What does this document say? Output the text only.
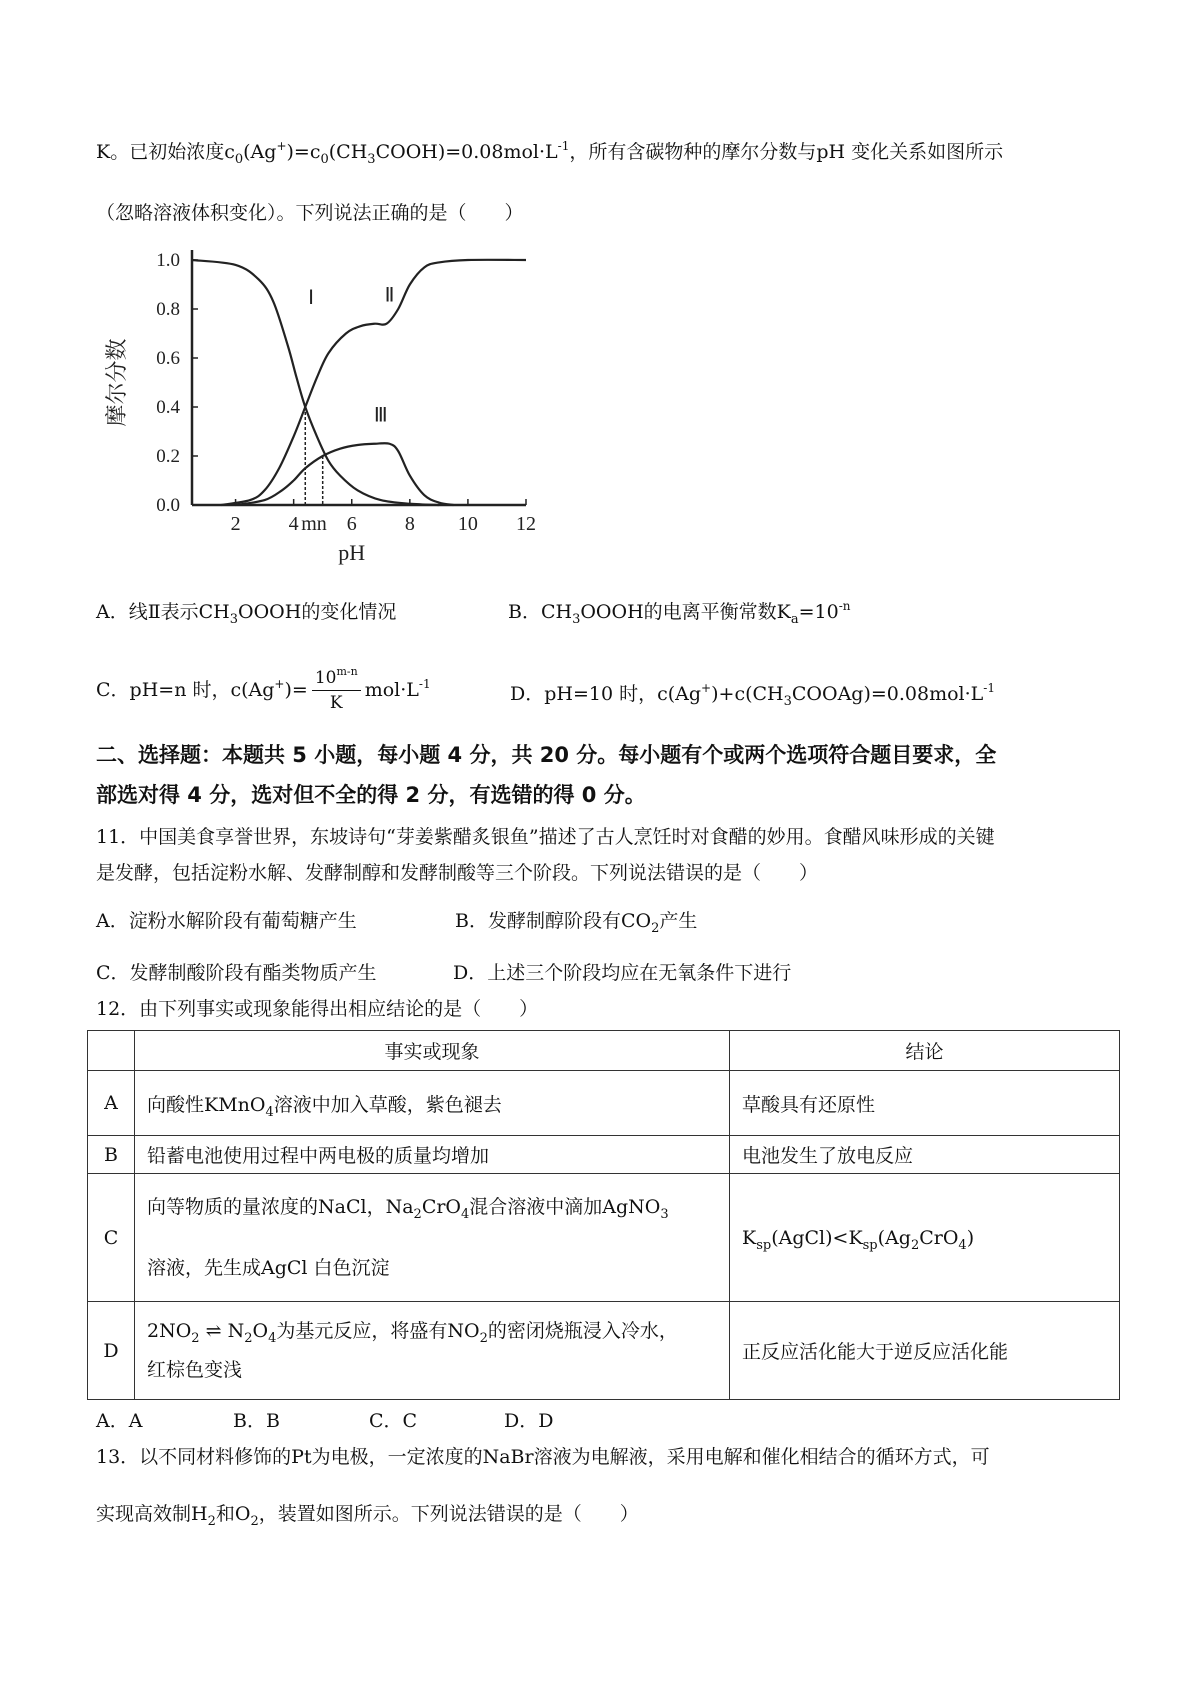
K。已初始浓度$c_0(Ag^+)=c_0(CH_3COOH)=0.08mol\cdot L^{-1}$，所有含碳物种的摩尔分数与pH 变化关系如图所示
（忽略溶液体积变化）。下列说法正确的是（　　）
2 4 6 8 10 12
0.0
0.2
0.4
0.6
0.8
1.0
pH
摩尔分数
Ⅰ	Ⅱ
Ⅲ
mn
A．线Ⅱ表示$CH_3OOOH$的变化情况	B．$CH_3OOOH$的电离平衡常数$K_a=10^{-n}$
C．pH=n 时，$c(Ag^+)= \frac{10^{m-n}}{K} mol\cdot L^{-1}$	D．pH=10 时，$c(Ag^+)+c(CH_3COOAg)=0.08mol\cdot L^{-1}$
二、选择题：本题共 5 小题，每小题 4 分，共 20 分。每小题有个或两个选项符合题目要求，全
部选对得 4 分，选对但不全的得 2 分，有选错的得 0 分。
11．中国美食享誉世界，东坡诗句“芽姜紫醋炙银鱼”描述了古人烹饪时对食醋的妙用。食醋风味形成的关键
是发酵，包括淀粉水解、发酵制醇和发酵制酸等三个阶段。下列说法错误的是（　　）
A．淀粉水解阶段有葡萄糖产生	B．发酵制醇阶段有$CO_2$产生
C．发酵制酸阶段有酯类物质产生	D．上述三个阶段均应在无氧条件下进行
12．由下列事实或现象能得出相应结论的是（　　）
	事实或现象	结论
A	向酸性KMnO$_4$溶液中加入草酸，紫色褪去	草酸具有还原性
B	铅蓄电池使用过程中两电极的质量均增加	电池发生了放电反应
C	向等物质的量浓度的NaCl，$Na_2CrO_4$混合溶液中滴加AgNO$_3$
溶液，先生成AgCl 白色沉淀	$K_{sp}(AgCl)<K_{sp}(Ag_2CrO_4)$
D	$2NO_2$ ⇌ $N_2O_4$为基元反应，将盛有$NO_2$的密闭烧瓶浸入冷水，
红棕色变浅	正反应活化能大于逆反应活化能
A．A	B．B	C．C	D．D
13．以不同材料修饰的Pt为电极，一定浓度的NaBr溶液为电解液，采用电解和催化相结合的循环方式，可
实现高效制$H_2$和$O_2$，装置如图所示。下列说法错误的是（　　）
